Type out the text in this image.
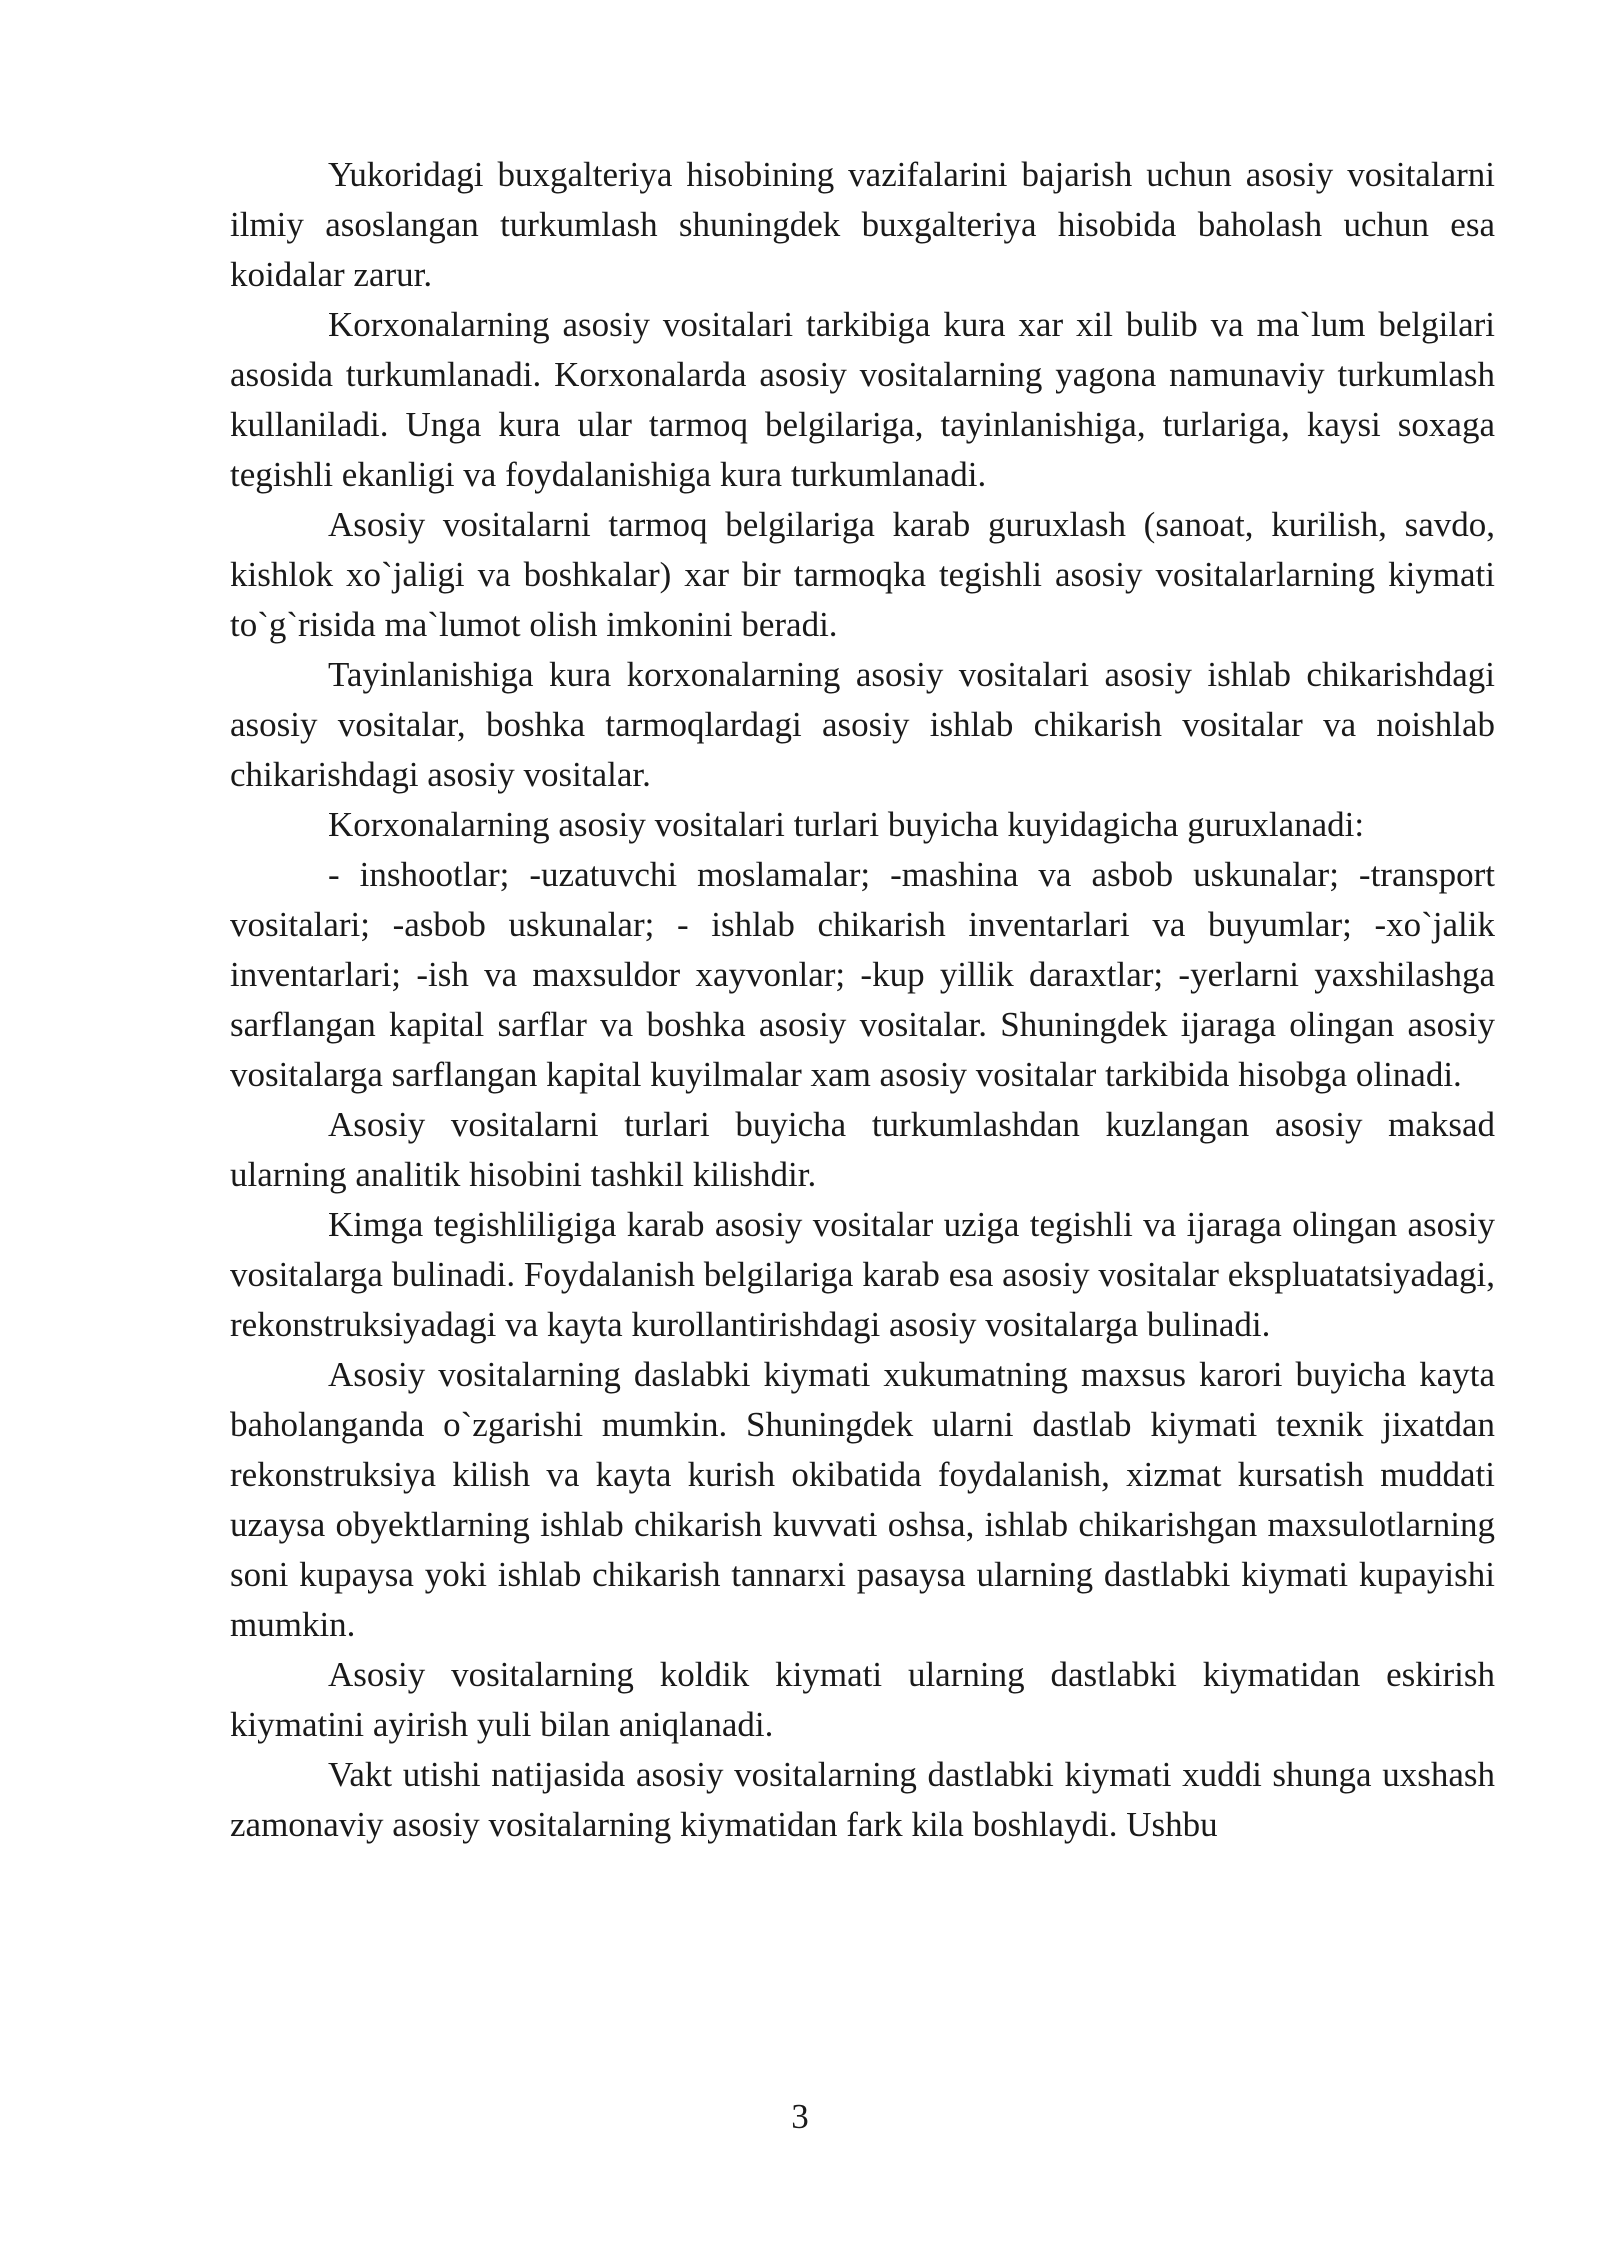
Yukoridagi buxgalteriya hisobining vazifalarini bajarish uchun asosiy vositalarni ilmiy asoslangan turkumlash shuningdek buxgalteriya hisobida baholash uchun esa koidalar zarur.

Korxonalarning asosiy vositalari tarkibiga kura xar xil bulib va ma`lum belgilari asosida turkumlanadi. Korxonalarda asosiy vositalarning yagona namunaviy turkumlash kullaniladi. Unga kura ular tarmoq belgilariga, tayinlanishiga, turlariga, kaysi soxaga tegishli ekanligi va foydalanishiga kura turkumlanadi.

Asosiy vositalarni tarmoq belgilariga karab guruxlash (sanoat, kurilish, savdo, kishlok xo`jaligi va boshkalar) xar bir tarmoqka tegishli asosiy vositalarlarning kiymati to`g`risida ma`lumot olish imkonini beradi.

Tayinlanishiga kura korxonalarning asosiy vositalari asosiy ishlab chikarishdagi asosiy vositalar, boshka tarmoqlardagi asosiy ishlab chikarish vositalar va noishlab chikarishdagi asosiy vositalar.

Korxonalarning asosiy vositalari turlari buyicha kuyidagicha guruxlanadi:

- inshootlar; -uzatuvchi moslamalar; -mashina va asbob uskunalar; -transport vositalari; -asbob uskunalar; - ishlab chikarish inventarlari va buyumlar; -xo`jalik inventarlari; -ish va maxsuldor xayvonlar; -kup yillik daraxtlar; -yerlarni yaxshilashga sarflangan kapital sarflar va boshka asosiy vositalar. Shuningdek ijaraga olingan asosiy vositalarga sarflangan kapital kuyilmalar xam asosiy vositalar tarkibida hisobga olinadi.

Asosiy vositalarni turlari buyicha turkumlashdan kuzlangan asosiy maksad ularning analitik hisobini tashkil kilishdir.

Kimga tegishliligiga karab asosiy vositalar uziga tegishli va ijaraga olingan asosiy vositalarga bulinadi. Foydalanish belgilariga karab esa asosiy vositalar ekspluatatsiyadagi, rekonstruksiyadagi va kayta kurollantirishdagi asosiy vositalarga bulinadi.

Asosiy vositalarning daslabki kiymati xukumatning maxsus karori buyicha kayta baholanganda o`zgarishi mumkin. Shuningdek ularni dastlab kiymati texnik jixatdan rekonstruksiya kilish va kayta kurish okibatida foydalanish, xizmat kursatish muddati uzaysa obyektlarning ishlab chikarish kuvvati oshsa, ishlab chikarishgan maxsulotlarning soni kupaysa yoki ishlab chikarish tannarxi pasaysa ularning dastlabki kiymati kupayishi mumkin.

Asosiy vositalarning koldik kiymati ularning dastlabki kiymatidan eskirish kiymatini ayirish yuli bilan aniqlanadi.

Vakt utishi natijasida asosiy vositalarning dastlabki kiymati xuddi shunga uxshash zamonaviy asosiy vositalarning kiymatidan fark kila boshlaydi. Ushbu

3
